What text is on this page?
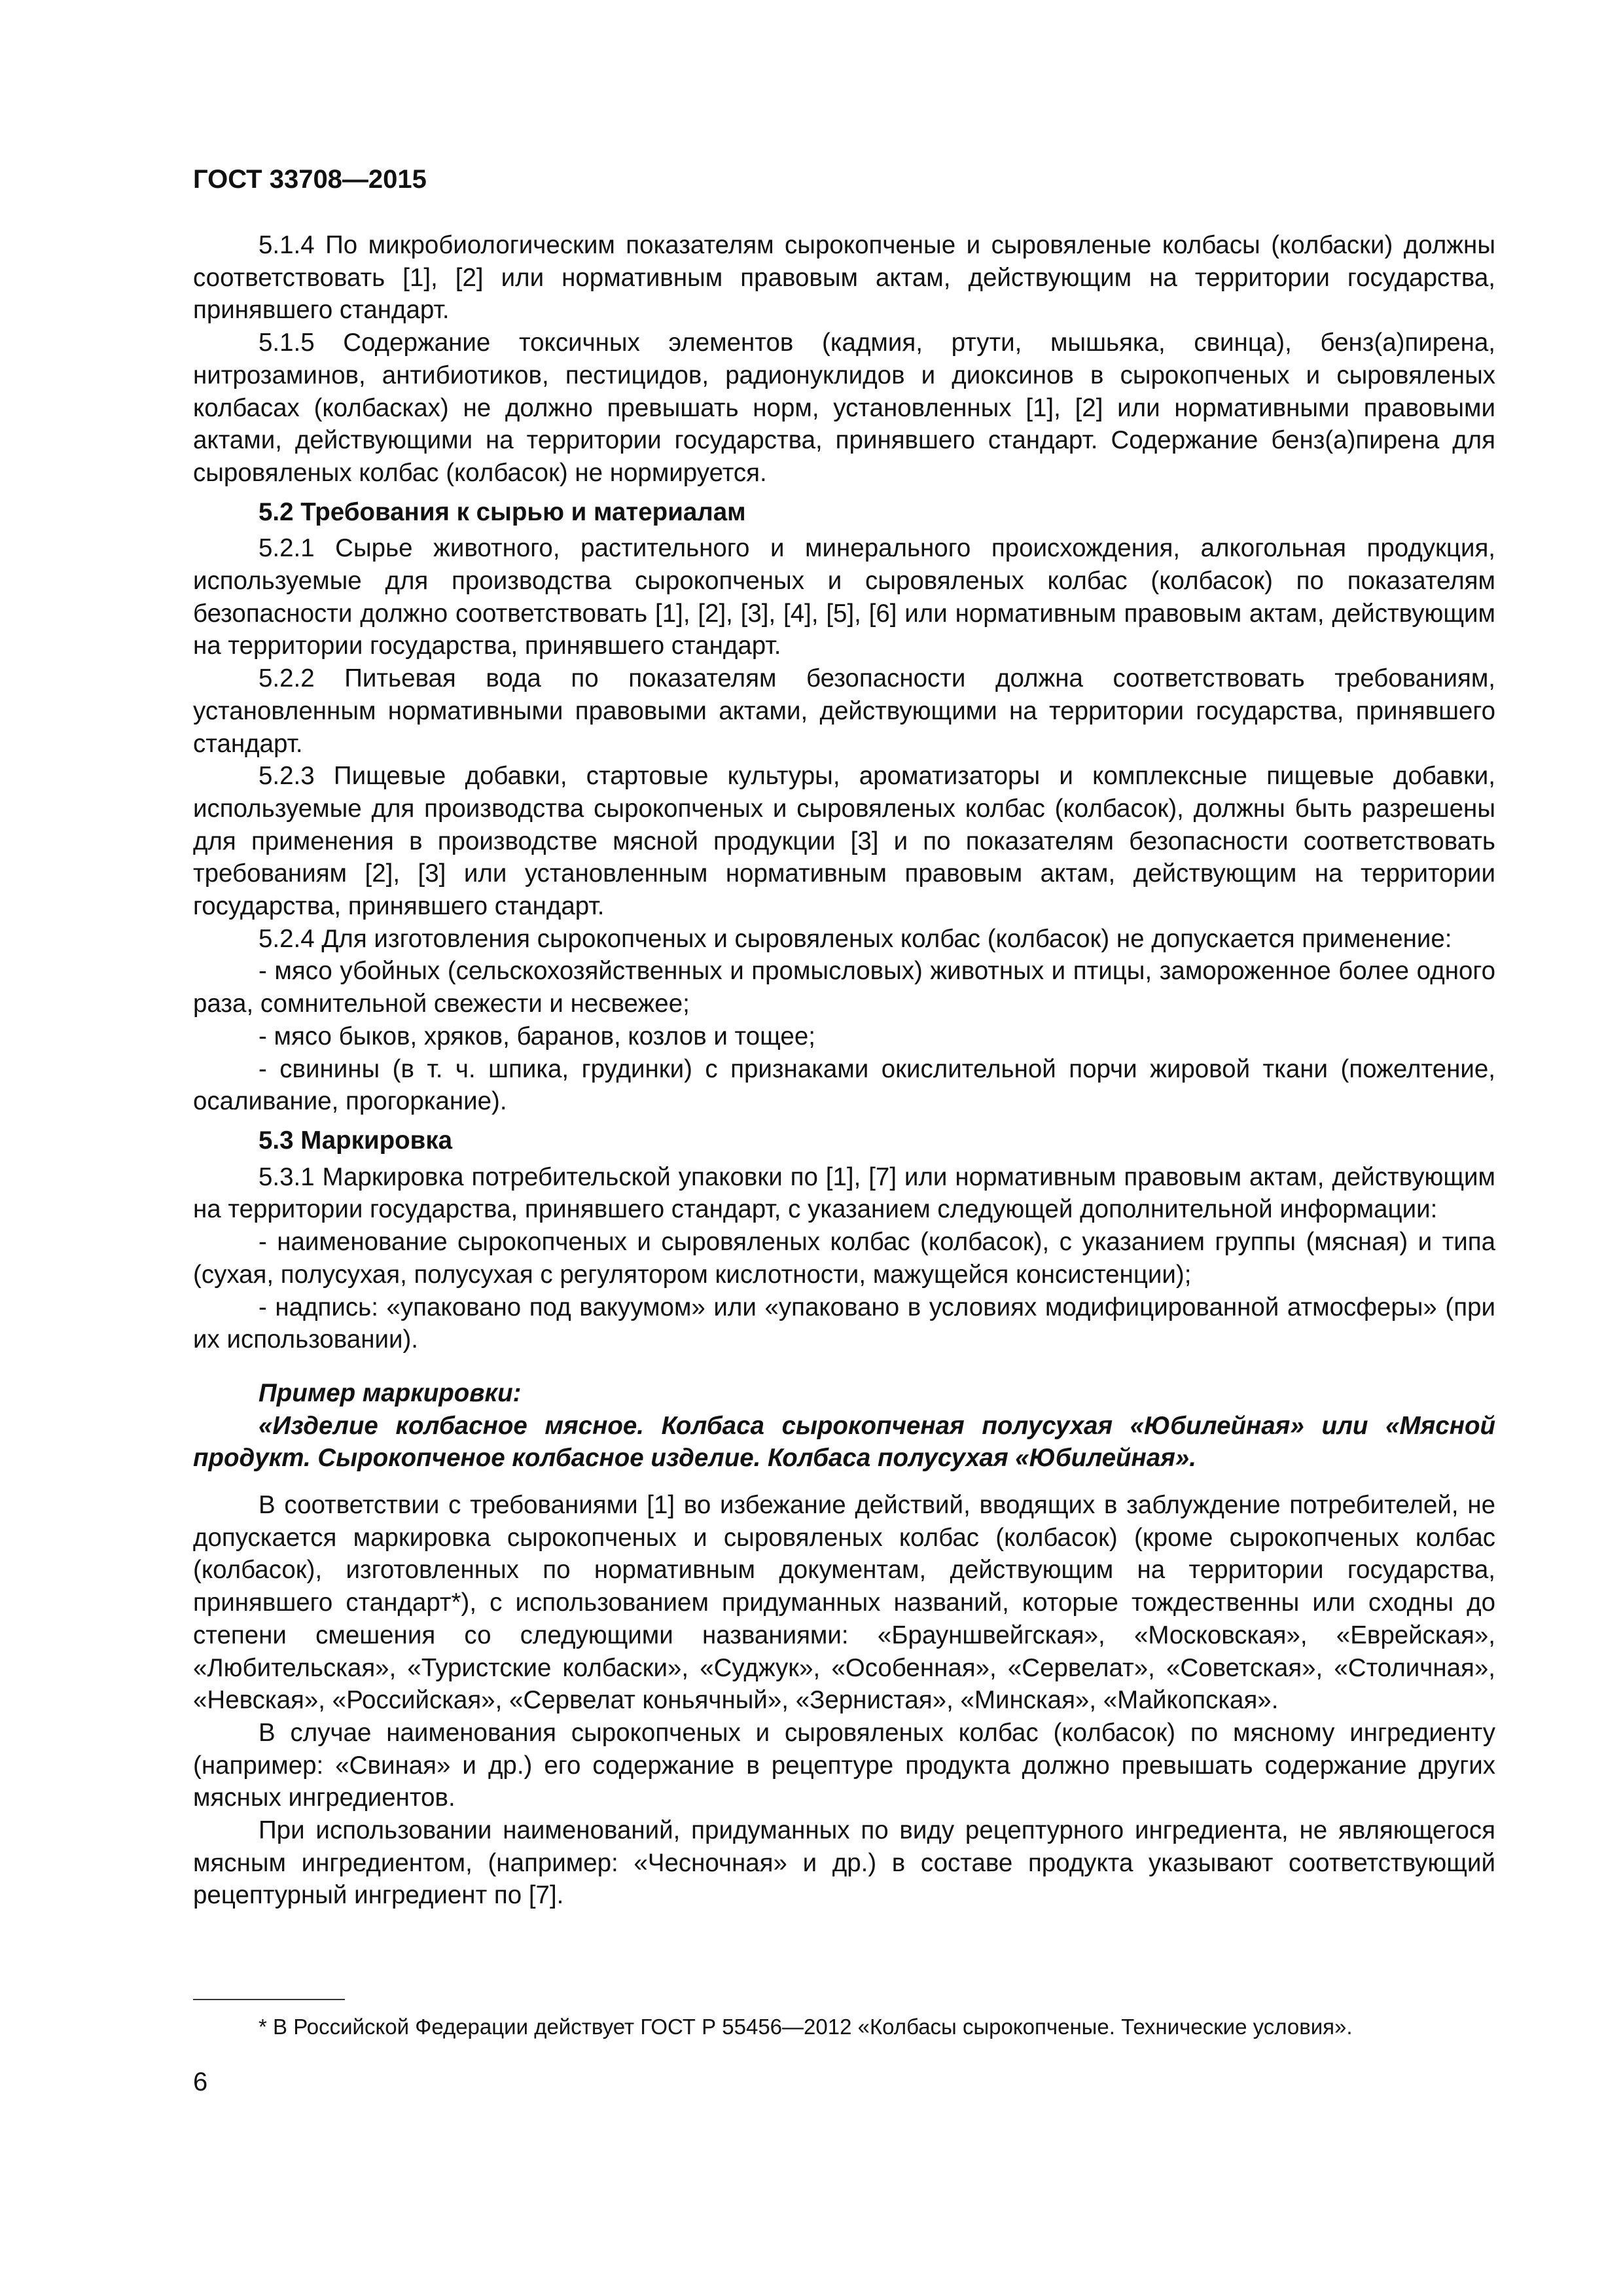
ГОСТ 33708—2015

5.1.4 По микробиологическим показателям сырокопченые и сыровяленые колбасы (колбаски) должны соответствовать [1], [2] или нормативным правовым актам, действующим на территории государства, принявшего стандарт.

5.1.5 Содержание токсичных элементов (кадмия, ртути, мышьяка, свинца), бенз(а)пирена, нитрозаминов, антибиотиков, пестицидов, радионуклидов и диоксинов в сырокопченых и сыровяленых колбасах (колбасках) не должно превышать норм, установленных [1], [2] или нормативными правовыми актами, действующими на территории государства, принявшего стандарт. Содержание бенз(а)пирена для сыровяленых колбас (колбасок) не нормируется.

5.2 Требования к сырью и материалам

5.2.1 Сырье животного, растительного и минерального происхождения, алкогольная продукция, используемые для производства сырокопченых и сыровяленых колбас (колбасок) по показателям безопасности должно соответствовать [1], [2], [3], [4], [5], [6] или нормативным правовым актам, действующим на территории государства, принявшего стандарт.

5.2.2 Питьевая вода по показателям безопасности должна соответствовать требованиям, установленным нормативными правовыми актами, действующими на территории государства, принявшего стандарт.

5.2.3 Пищевые добавки, стартовые культуры, ароматизаторы и комплексные пищевые добавки, используемые для производства сырокопченых и сыровяленых колбас (колбасок), должны быть разрешены для применения в производстве мясной продукции [3] и по показателям безопасности соответствовать требованиям [2], [3] или установленным нормативным правовым актам, действующим на территории государства, принявшего стандарт.

5.2.4 Для изготовления сырокопченых и сыровяленых колбас (колбасок) не допускается применение:

- мясо убойных (сельскохозяйственных и промысловых) животных и птицы, замороженное более одного раза, сомнительной свежести и несвежее;

- мясо быков, хряков, баранов, козлов и тощее;

- свинины (в т. ч. шпика, грудинки) с признаками окислительной порчи жировой ткани (пожелтение, осаливание, прогоркание).

5.3 Маркировка

5.3.1 Маркировка потребительской упаковки по [1], [7] или нормативным правовым актам, действующим на территории государства, принявшего стандарт, с указанием следующей дополнительной информации:

- наименование сырокопченых и сыровяленых колбас (колбасок), с указанием группы (мясная) и типа (сухая, полусухая, полусухая с регулятором кислотности, мажущейся консистенции);

- надпись: «упаковано под вакуумом» или «упаковано в условиях модифицированной атмосферы» (при их использовании).

Пример маркировки:

«Изделие колбасное мясное. Колбаса сырокопченая полусухая «Юбилейная» или «Мясной продукт. Сырокопченое колбасное изделие. Колбаса полусухая «Юбилейная».

В соответствии с требованиями [1] во избежание действий, вводящих в заблуждение потребителей, не допускается маркировка сырокопченых и сыровяленых колбас (колбасок) (кроме сырокопченых колбас (колбасок), изготовленных по нормативным документам, действующим на территории государства, принявшего стандарт*), с использованием придуманных названий, которые тождественны или сходны до степени смешения со следующими названиями: «Брауншвейгская», «Московская», «Еврейская», «Любительская», «Туристские колбаски», «Суджук», «Особенная», «Сервелат», «Советская», «Столичная», «Невская», «Российская», «Сервелат коньячный», «Зернистая», «Минская», «Майкопская».

В случае наименования сырокопченых и сыровяленых колбас (колбасок) по мясному ингредиенту (например: «Свиная» и др.) его содержание в рецептуре продукта должно превышать содержание других мясных ингредиентов.

При использовании наименований, придуманных по виду рецептурного ингредиента, не являющегося мясным ингредиентом, (например: «Чесночная» и др.) в составе продукта указывают соответствующий рецептурный ингредиент по [7].

* В Российской Федерации действует ГОСТ Р 55456—2012 «Колбасы сырокопченые. Технические условия».
6
